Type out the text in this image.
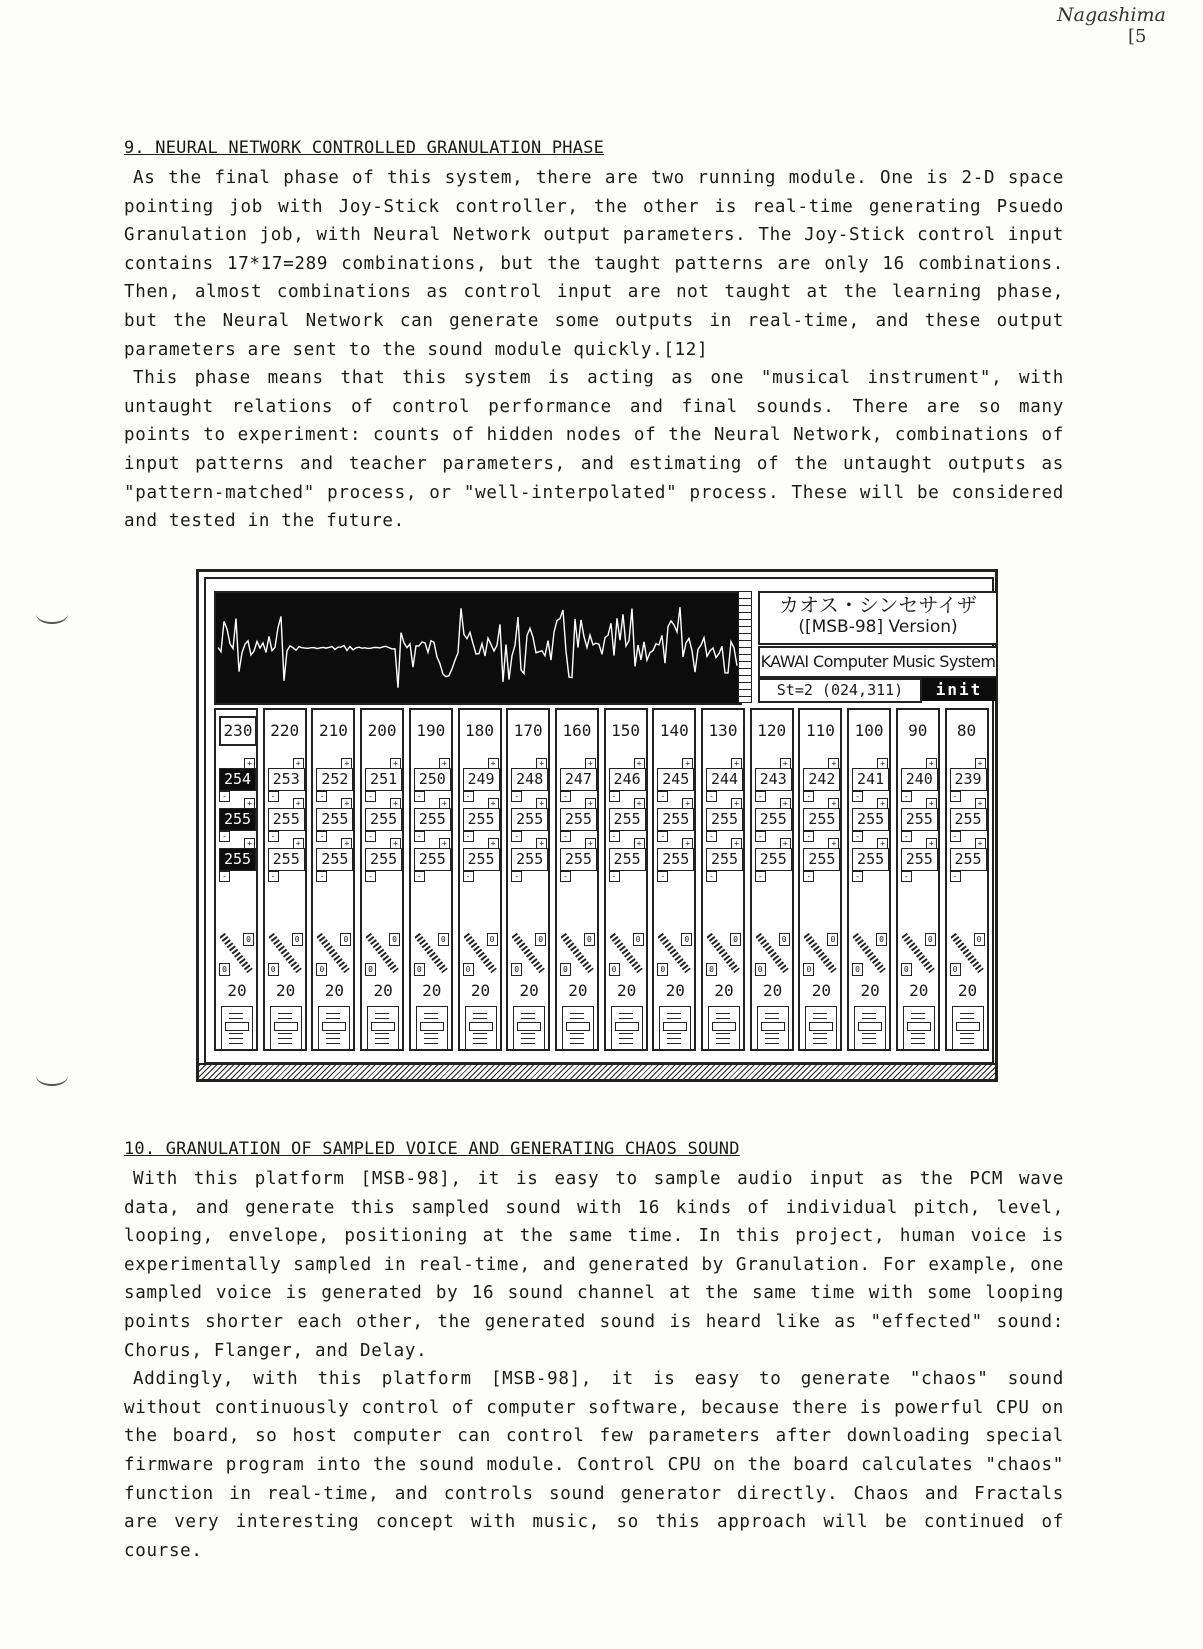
Nagashima
[5
9. NEURAL NETWORK CONTROLLED GRANULATION PHASE

As the final phase of this system, there are two running module. One is 2-D space pointing job with Joy-Stick controller, the other is real-time generating Psuedo Granulation job, with Neural Network output parameters. The Joy-Stick control input contains 17*17=289 combinations, but the taught patterns are only 16 combinations. Then, almost combinations as control input are not taught at the learning phase, but the Neural Network can generate some outputs in real-time, and these output parameters are sent to the sound module quickly.[12]

This phase means that this system is acting as one "musical instrument", with untaught relations of control performance and final sounds. There are so many points to experiment: counts of hidden nodes of the Neural Network, combinations of input patterns and teacher parameters, and estimating of the untaught outputs as "pattern-matched" process, or "well-interpolated" process. These will be considered and tested in the future.

カオス・シンセサイザ
([MSB-98] Version)
KAWAI Computer Music System
St=2 (024,311)	init
230
+
254
-
+
255
-
+
255
-
0
0
20
220
+
253
-
+
255
-
+
255
-
0
0
20
210
+
252
-
+
255
-
+
255
-
0
0
20
200
+
251
-
+
255
-
+
255
-
0
0
20
190
+
250
-
+
255
-
+
255
-
0
0
20
180
+
249
-
+
255
-
+
255
-
0
0
20
170
+
248
-
+
255
-
+
255
-
0
0
20
160
+
247
-
+
255
-
+
255
-
0
0
20
150
+
246
-
+
255
-
+
255
-
0
0
20
140
+
245
-
+
255
-
+
255
-
0
0
20
130
+
244
-
+
255
-
+
255
-
0
0
20
120
+
243
-
+
255
-
+
255
-
0
0
20
110
+
242
-
+
255
-
+
255
-
0
0
20
100
+
241
-
+
255
-
+
255
-
0
0
20
90
+
240
-
+
255
-
+
255
-
0
0
20
80
+
239
-
+
255
-
+
255
-
0
0
20
10. GRANULATION OF SAMPLED VOICE AND GENERATING CHAOS SOUND

With this platform [MSB-98], it is easy to sample audio input as the PCM wave data, and generate this sampled sound with 16 kinds of individual pitch, level, looping, envelope, positioning at the same time. In this project, human voice is experimentally sampled in real-time, and generated by Granulation. For example, one sampled voice is generated by 16 sound channel at the same time with some looping points shorter each other, the generated sound is heard like as "effected" sound: Chorus, Flanger, and Delay.

Addingly, with this platform [MSB-98], it is easy to generate "chaos" sound without continuously control of computer software, because there is powerful CPU on the board, so host computer can control few parameters after downloading special firmware program into the sound module. Control CPU on the board calculates "chaos" function in real-time, and controls sound generator directly. Chaos and Fractals are very interesting concept with music, so this approach will be continued of course.
